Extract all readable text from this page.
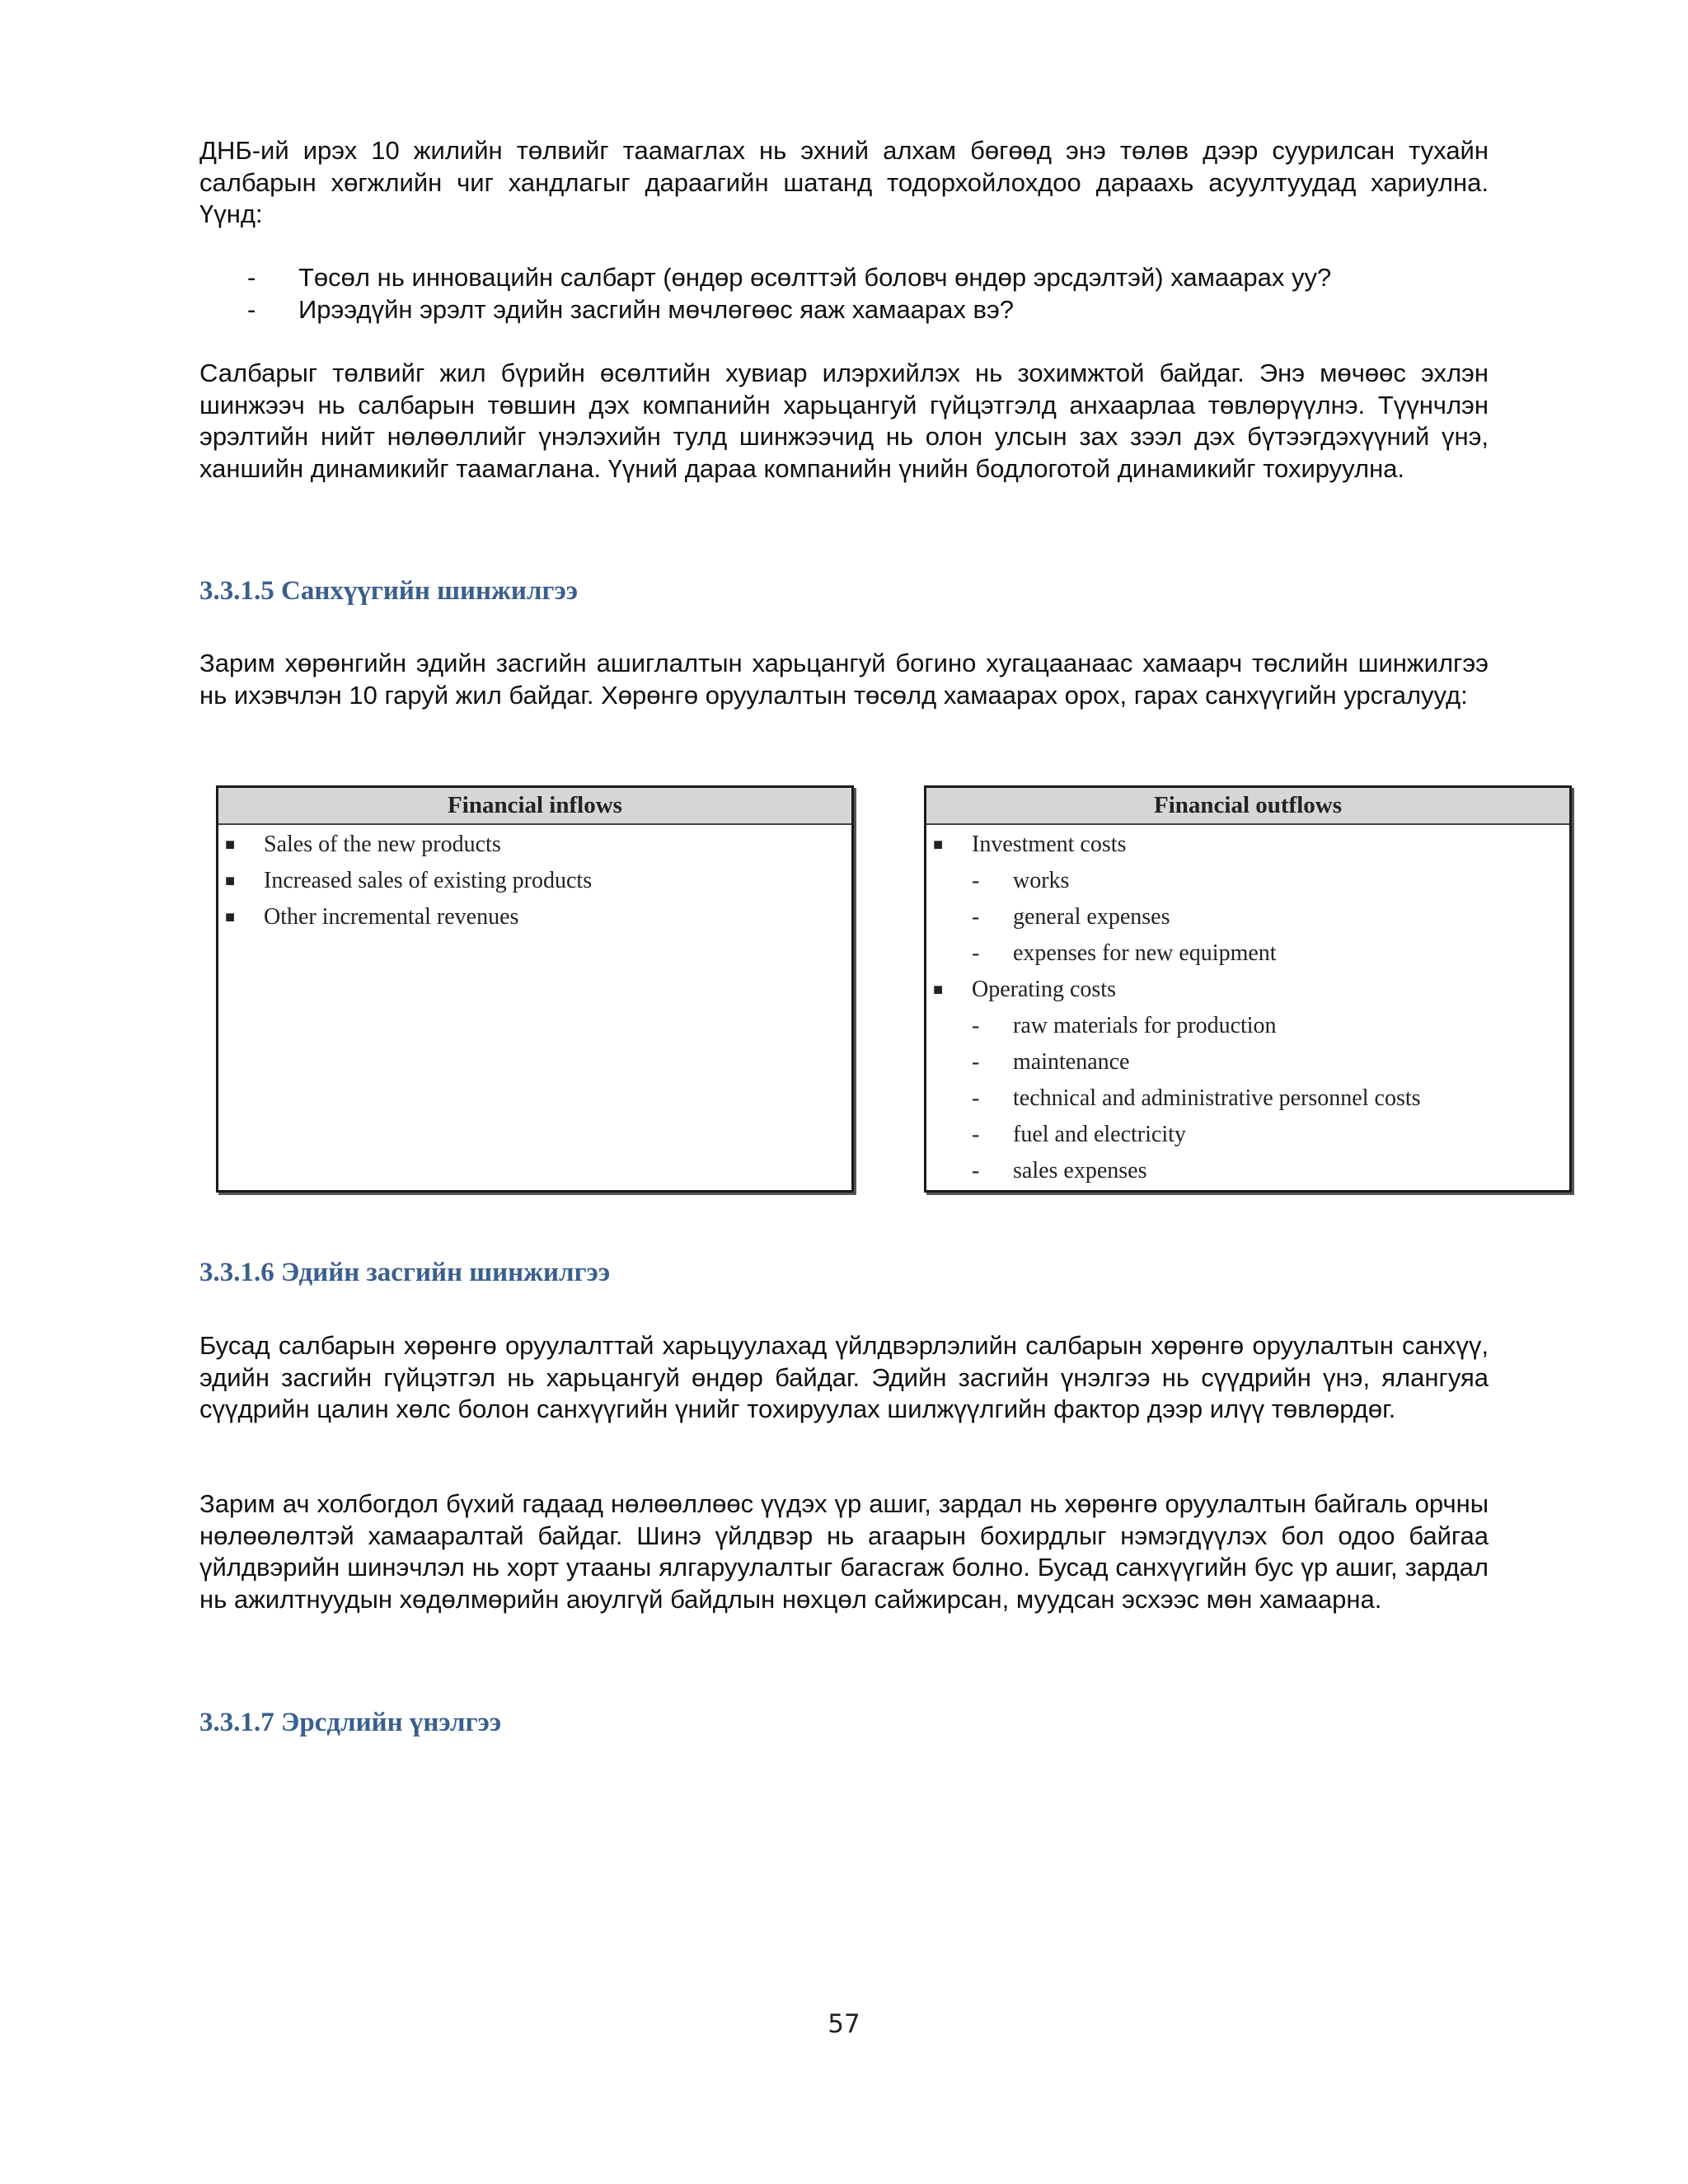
ДНБ-ий ирэх 10 жилийн төлвийг таамаглах нь эхний алхам бөгөөд энэ төлөв дээр суурилсан тухайн салбарын хөгжлийн чиг хандлагыг дараагийн шатанд тодорхойлохдоо дараахь асуултуудад хариулна. Үүнд:

- Төсөл нь инновацийн салбарт (өндөр өсөлттэй боловч өндөр эрсдэлтэй) хамаарах уу?
- Ирээдүйн эрэлт эдийн засгийн мөчлөгөөс яаж хамаарах вэ?

Салбарыг төлвийг жил бүрийн өсөлтийн хувиар илэрхийлэх нь зохимжтой байдаг. Энэ мөчөөс эхлэн шинжээч нь салбарын төвшин дэх компанийн харьцангуй гүйцэтгэлд анхаарлаа төвлөрүүлнэ. Түүнчлэн эрэлтийн нийт нөлөөллийг үнэлэхийн тулд шинжээчид нь олон улсын зах зээл дэх бүтээгдэхүүний үнэ, ханшийн динамикийг таамаглана. Үүний дараа компанийн үнийн бодлоготой динамикийг тохируулна.

3.3.1.5 Санхүүгийн шинжилгээ

Зарим хөрөнгийн эдийн засгийн ашиглалтын харьцангуй богино хугацаанаас хамаарч төслийн шинжилгээ нь ихэвчлэн 10 гаруй жил байдаг. Хөрөнгө оруулалтын төсөлд хамаарах орох, гарах санхүүгийн урсгалууд:

Financial inflows
■ Sales of the new products
■ Increased sales of existing products
■ Other incremental revenues
Financial outflows
■ Investment costs
- works
- general expenses
- expenses for new equipment
■ Operating costs
- raw materials for production
- maintenance
- technical and administrative personnel costs
- fuel and electricity
- sales expenses
3.3.1.6 Эдийн засгийн шинжилгээ

Бусад салбарын хөрөнгө оруулалттай харьцуулахад үйлдвэрлэлийн салбарын хөрөнгө оруулалтын санхүү, эдийн засгийн гүйцэтгэл нь харьцангуй өндөр байдаг. Эдийн засгийн үнэлгээ нь сүүдрийн үнэ, ялангуяа сүүдрийн цалин хөлс болон санхүүгийн үнийг тохируулах шилжүүлгийн фактор дээр илүү төвлөрдөг.

Зарим ач холбогдол бүхий гадаад нөлөөллөөс үүдэх үр ашиг, зардал нь хөрөнгө оруулалтын байгаль орчны нөлөөлөлтэй хамааралтай байдаг. Шинэ үйлдвэр нь агаарын бохирдлыг нэмэгдүүлэх бол одоо байгаа үйлдвэрийн шинэчлэл нь хорт утааны ялгаруулалтыг багасгаж болно. Бусад санхүүгийн бус үр ашиг, зардал нь ажилтнуудын хөдөлмөрийн аюулгүй байдлын нөхцөл сайжирсан, муудсан эсхээс мөн хамаарна.

3.3.1.7 Эрсдлийн үнэлгээ
57
